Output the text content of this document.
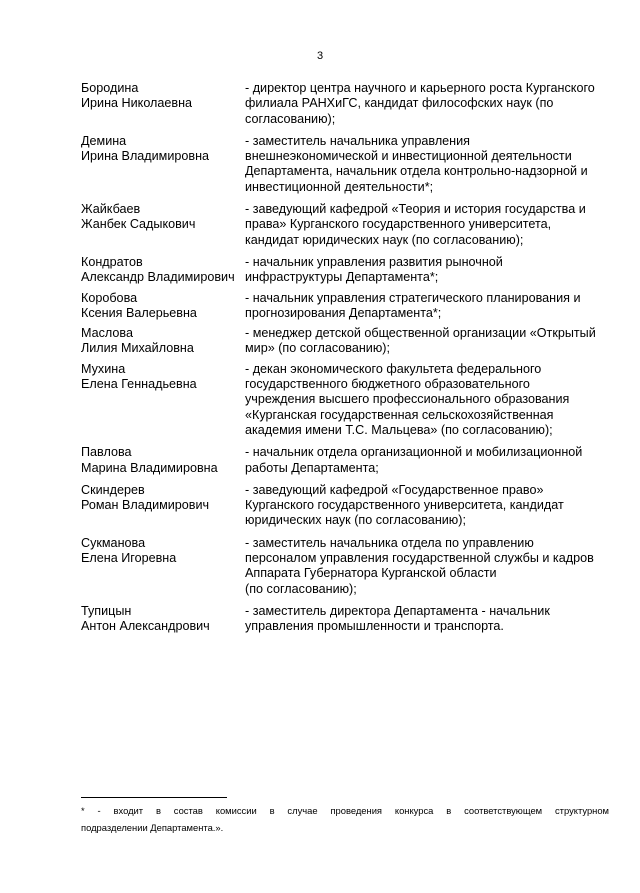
3
Бородина
Ирина Николаевна
- директор центра научного и карьерного роста Курганского
филиала РАНХиГС, кандидат философских наук (по
согласованию);
Демина
Ирина Владимировна
- заместитель начальника управления
внешнеэкономической и инвестиционной деятельности
Департамента, начальник отдела контрольно-надзорной и
инвестиционной деятельности*;
Жайкбаев
Жанбек Садыкович
- заведующий кафедрой «Теория и история государства и
права» Курганского государственного университета,
кандидат юридических наук (по согласованию);
Кондратов
Александр Владимирович
- начальник управления развития рыночной
инфраструктуры Департамента*;
Коробова
Ксения Валерьевна
- начальник управления стратегического планирования и
прогнозирования Департамента*;
Маслова
Лилия Михайловна
- менеджер детской общественной организации «Открытый
мир» (по согласованию);
Мухина
Елена Геннадьевна
- декан экономического факультета федерального
государственного бюджетного образовательного
учреждения высшего профессионального образования
«Курганская государственная сельскохозяйственная
академия имени Т.С. Мальцева» (по согласованию);
Павлова
Марина Владимировна
- начальник отдела организационной и мобилизационной
работы Департамента;
Скиндерев
Роман Владимирович
- заведующий кафедрой «Государственное право»
Курганского государственного университета, кандидат
юридических наук (по согласованию);
Сукманова
Елена Игоревна
- заместитель начальника отдела по управлению
персоналом управления государственной службы и кадров
Аппарата Губернатора Курганской области
(по согласованию);
Тупицын
Антон Александрович
- заместитель директора Департамента - начальник
управления промышленности и транспорта.
* - входит в состав комиссии в случае проведения конкурса в соответствующем структурном
подразделении Департамента.».
